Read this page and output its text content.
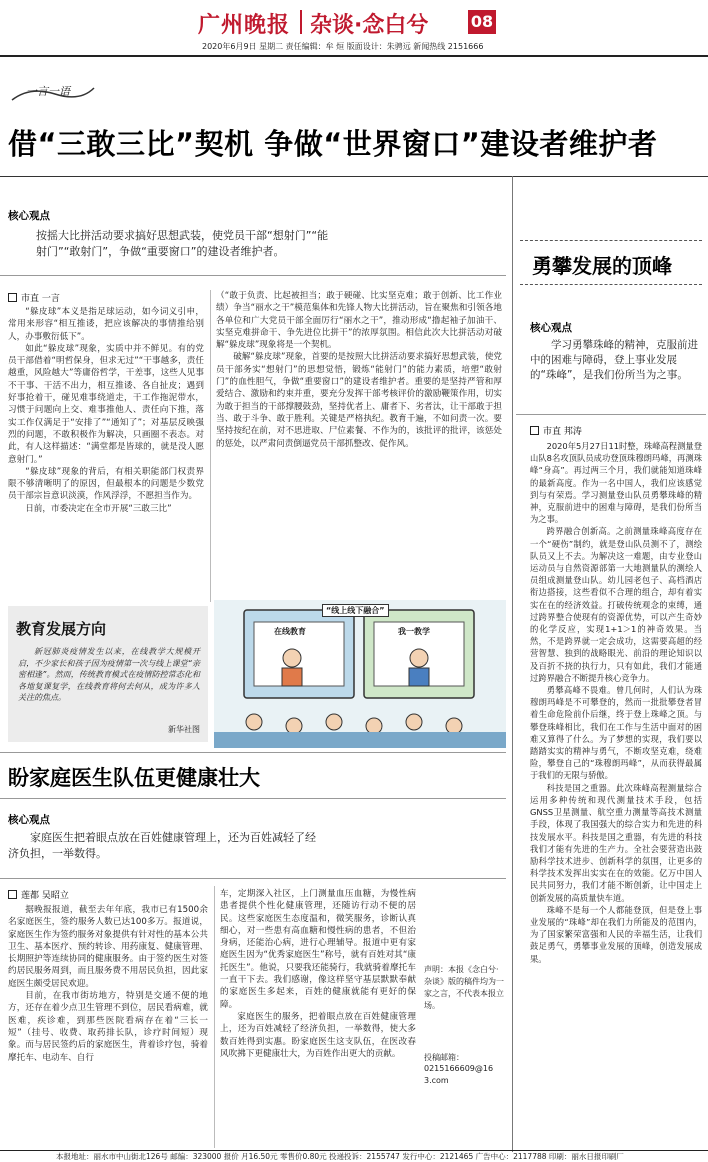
广州晚报 杂谈·念白兮	08
2020年6月9日 星期二 责任编辑：牟 烜 版面设计：朱骋远 新闻热线 2151666
一言一语
借“三敢三比”契机 争做“世界窗口”建设者维护者
核心观点
按摇大比拼活动要求搞好思想武装，使党员干部“想射门”“能射门”“敢射门”，争做“重要窗口”的建设者维护者。
市直 一言

“躲皮球”本义是指足球运动，如今词义引申，常用来形容“相互推诿，把应该解决的事情推给别人，办事敷衍低下”。

如此“躲皮球”现象，实质中并不鲜见。有的党员干部借着“明哲保身，但求无过”“干事越多，责任越重，风险越大”等庸俗哲学，干差事，这些人见事不干事、干活不出力，相互推诿、各自扯皮；遇到好事抢着干，碰见难事绕道走，干工作拖泥带水，习惯于问题向上交、难事推他人、责任向下推，落实工作仅满足于“安排了”“通知了”；对基层反映强烈的问题，不敢积极作为解决，只画圈不表态。对此，有人这样描述：“满堂都是皆球的，就是没人愿意射门。”

“躲皮球”现象的背后，有相关职能部门权责界限不够清晰明了的原因，但最根本的问题是少数党员干部宗旨意识淡漠，作风浮浮，不愿担当作为。

日前，市委决定在全市开展“三敢三比”

（“敢于负责、比起被担当；敢于硬碰、比实坚克难；敢于创新、比工作业绩）争当“丽水之干”模范集体和先锋人物大比拼活动，旨在聚焦和引领各地各单位和广大党员干部全面厉行“丽水之干”，推动形成“撸起袖子加油干、实坚克难拼命干、争先进位比拼干”的浓厚氛围。相信此次大比拼活动对破解“躲皮球”现象将是一个契机。

破解“躲皮球”现象，首要的是按照大比拼活动要求搞好思想武装，使党员干部务实“想射门”的思想觉悟，锻炼“能射门”的能力素质，培塑“敢射门”的血性胆气，争做“重要窗口”的建设者维护者。重要的是坚持严管和厚爱结合、激励和约束并重，要充分发挥干部考核评价的激励鞭策作用，切实为敢于担当的干部撑腰鼓劲，坚持优者上、庸者下、劣者汰，让干部敢于担当、敢于斗争、敢于胜利。关键是严格执纪。教育千遍，不如问责一次。要坚持按纪在前，对不思进取、尸位素餐、不作为的，该批评的批评，该惩处的惩处，以严肃问责倒逼党员干部抓整改、促作风。

教育发展方向

新冠肺炎疫情发生以来，在线教学大规模开启，不少家长和孩子因为疫情第一次与线上课堂“亲密相逢”。然而，传统教育模式在疫情防控常态化和各地复课复学，在线教育将何去何从，成为许多人关注的焦点。

新华社图
“线上线下融合”
在线教育	我一教学
盼家庭医生队伍更健康壮大
核心观点
家庭医生把着眼点放在百姓健康管理上，还为百姓减轻了经济负担，一举数得。
莲都 吴昭立

据晚报报道，截至去年年底，我市已有1500余名家庭医生，签约服务人数已达100多万。报道说，家庭医生作为签约服务对象提供有针对性的基本公共卫生、基本医疗、预约转诊、用药康复、健康管理、长期照护等连续协同的健康服务。由于签约医生对签约居民服务周到，而且服务费不用居民负担，因此家庭医生颇受居民欢迎。

目前，在我市街坊地方，特别是交通不便的地方，还存在着少点卫生管理不到位，居民看病难，就医难，疾诊难，到那些医院看病存在着“三长一短”（挂号、收费、取药排长队，诊疗时间短）现象。而与居民签约后的家庭医生，背着诊疗包，骑着摩托车、电动车、自行

车，定期深入社区，上门测量血压血糖，为慢性病患者提供个性化健康管理，还随访行动不便的居民。这些家庭医生态度温和，微笑服务，诊断认真细心，对一些患有高血糖和慢性病的患者，不但治身病，还能治心病，进行心理辅导。报道中更有家庭医生因为“优秀家庭医生”称号，就有百姓对其“康托医生”。他说，只要我还能骑行，我就骑着摩托车一直干下去。我们感谢，像这样坚守基层默默奉献的家庭医生多起来，百姓的健康就能有更好的保障。

家庭医生的服务，把着眼点放在百姓健康管理上，还为百姓减轻了经济负担，一举数得，使大多数百姓得到实惠。盼家庭医生这支队伍，在医改春风吹拂下更健康壮大，为百姓作出更大的贡献。

声明：本报《念白兮·杂谈》版的稿件均为一家之言，不代表本报立场。
投稿邮箱：
0215166609@163.com
勇攀发展的顶峰
核心观点
学习勇攀珠峰的精神，克服前进中的困难与障碍，登上事业发展的“珠峰”，是我们份所当为之事。
市直 邦涛

2020年5月27日11时整，珠峰高程测量登山队8名攻顶队员成功登顶珠穆朗玛峰，再测珠峰“身高”。再过两三个月，我们就能知道珠峰的最新高度。作为一名中国人，我们应该感觉到与有荣焉。学习测量登山队员勇攀珠峰的精神，克服前进中的困难与障碍，是我们份所当为之事。

跨界融合创新高。之前测量珠峰高度存在一个“硬伤”制约，就是登山队员测不了，测绘队员又上不去。为解决这一难题，由专业登山运动员与自然资源部第一大地测量队的测绘人员组成测量登山队。幼儿园老包子、高档酒店衔边搭接，这些看似不合理的组合，却有着实实在在的经济效益。打破传统观念的束缚，通过跨界整合使现有的资源优势，可以产生奇妙的化学反应，实现1+1＞1的神奇效果。当然，不是跨界就一定会成功，这需要高超的经营智慧、独到的战略眼光、前沿的理论知识以及百折不挠的执行力，只有如此，我们才能通过跨界融合不断提升核心竞争力。

勇攀高峰不畏难。曾几何时，人们认为珠穆朗玛峰是不可攀登的，然而一批批攀登者冒着生命危险前仆后继，终于登上珠峰之顶。与攀登珠峰相比，我们在工作与生活中面对的困难又算得了什么。为了梦想的实现，我们要以踏踏实实的精神与勇气，不断攻坚克难，绕难险，攀登自己的“珠穆朗玛峰”，从而获得最属于我们的无限与骄傲。

科技是国之重器。此次珠峰高程测量综合运用多种传统和现代测量技术手段，包括GNSS卫星测量、航空重力测量等高技术测量手段，体现了我国强大的综合实力和先进的科技发展水平。科技是国之重器，有先进的科技我们才能有先进的生产力。全社会要营造出鼓励科学技术进步、创新科学的氛围，让更多的科学技术发挥出实实在在的效能。亿万中国人民共同努力，我们才能不断创新，让中国走上创新发展的高质量快车道。

珠峰不是每一个人都能登顶，但是登上事业发展的“珠峰”却在我们力所能及的范围内，为了国家繁荣富强和人民的幸福生活，让我们鼓足勇气，勇攀事业发展的顶峰，创造发展成果。

本报地址：丽水市中山街北126号 邮编：323000 报价 月16.50元 零售价0.80元 投递投诉：2155747 发行中心：2121465 广告中心：2117788 印刷：丽水日报印刷厂
